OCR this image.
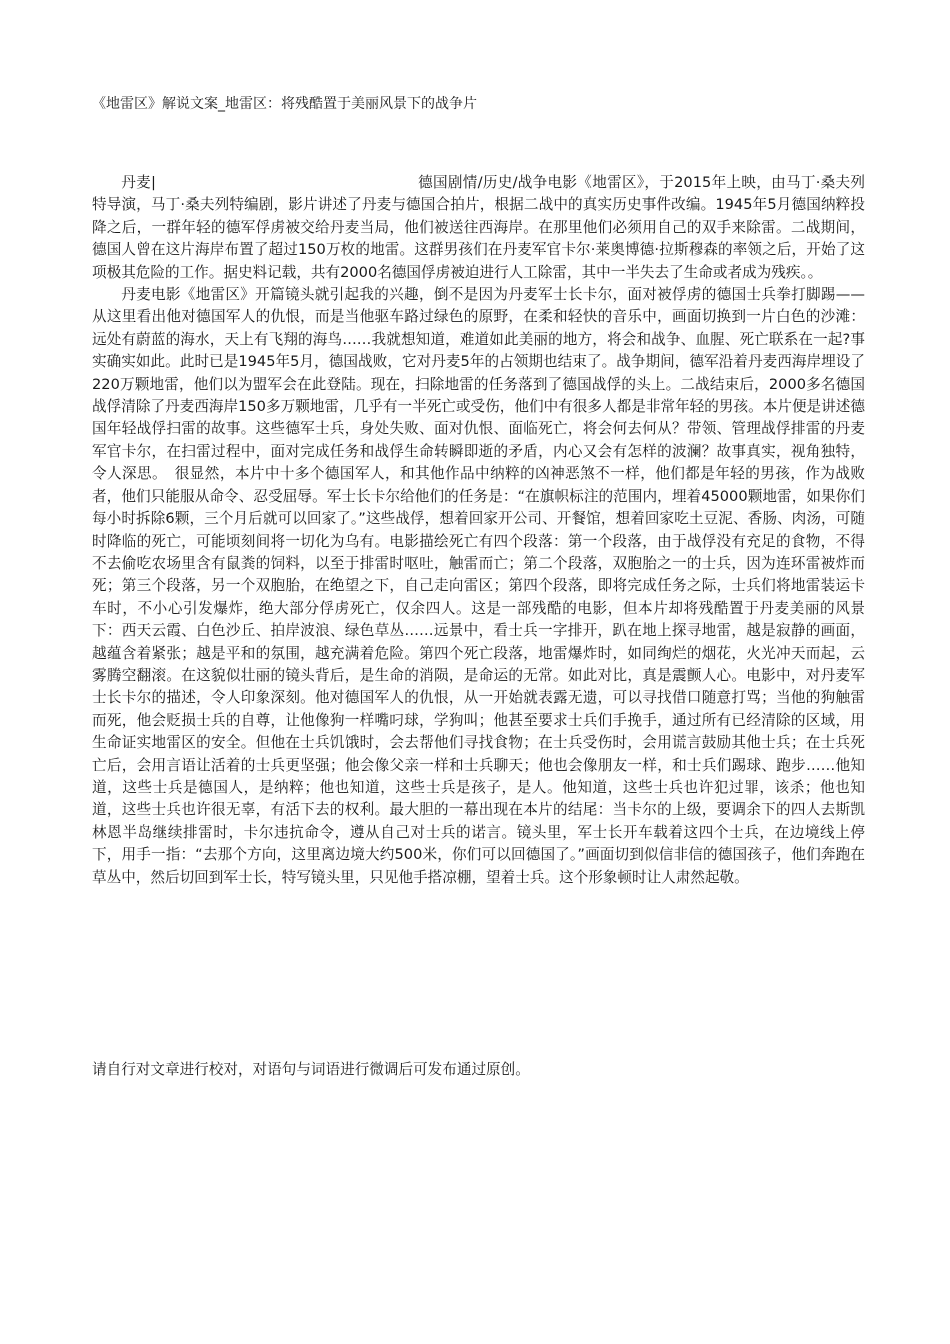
《地雷区》解说文案_地雷区：将残酷置于美丽风景下的战争片

丹麦|	德国剧情/历史/战争电影《地雷区》，于2015年上映，由马丁·桑夫列特导演，马丁·桑夫列特编剧，影片讲述了丹麦与德国合拍片，根据二战中的真实历史事件改编。1945年5月德国纳粹投降之后，一群年轻的德军俘虏被交给丹麦当局，他们被送往西海岸。在那里他们必须用自己的双手来除雷。二战期间，德国人曾在这片海岸布置了超过150万枚的地雷。这群男孩们在丹麦军官卡尔·莱奥博德·拉斯穆森的率领之后，开始了这项极其危险的工作。据史料记载，共有2000名德国俘虏被迫进行人工除雷，其中一半失去了生命或者成为残疾。。

丹麦电影《地雷区》开篇镜头就引起我的兴趣，倒不是因为丹麦军士长卡尔，面对被俘虏的德国士兵拳打脚踢——从这里看出他对德国军人的仇恨，而是当他驱车路过绿色的原野，在柔和轻快的音乐中，画面切换到一片白色的沙滩：远处有蔚蓝的海水，天上有飞翔的海鸟……我就想知道，难道如此美丽的地方，将会和战争、血腥、死亡联系在一起?事实确实如此。此时已是1945年5月，德国战败，它对丹麦5年的占领期也结束了。战争期间，德军沿着丹麦西海岸埋设了220万颗地雷，他们以为盟军会在此登陆。现在，扫除地雷的任务落到了德国战俘的头上。二战结束后，2000多名德国战俘清除了丹麦西海岸150多万颗地雷，几乎有一半死亡或受伤，他们中有很多人都是非常年轻的男孩。本片便是讲述德国年轻战俘扫雷的故事。这些德军士兵，身处失败、面对仇恨、面临死亡，将会何去何从？带领、管理战俘排雷的丹麦军官卡尔，在扫雷过程中，面对完成任务和战俘生命转瞬即逝的矛盾，内心又会有怎样的波澜？故事真实，视角独特，令人深思。　很显然，本片中十多个德国军人，和其他作品中纳粹的凶神恶煞不一样，他们都是年轻的男孩，作为战败者，他们只能服从命令、忍受屈辱。军士长卡尔给他们的任务是：“在旗帜标注的范围内，埋着45000颗地雷，如果你们每小时拆除6颗，三个月后就可以回家了。”这些战俘，想着回家开公司、开餐馆，想着回家吃土豆泥、香肠、肉汤，可随时降临的死亡，可能顷刻间将一切化为乌有。电影描绘死亡有四个段落：第一个段落，由于战俘没有充足的食物，不得不去偷吃农场里含有鼠粪的饲料，以至于排雷时呕吐，触雷而亡；第二个段落，双胞胎之一的士兵，因为连环雷被炸而死；第三个段落，另一个双胞胎，在绝望之下，自己走向雷区；第四个段落，即将完成任务之际，士兵们将地雷装运卡车时，不小心引发爆炸，绝大部分俘虏死亡，仅余四人。这是一部残酷的电影，但本片却将残酷置于丹麦美丽的风景下：西天云霞、白色沙丘、拍岸波浪、绿色草丛……远景中，看士兵一字排开，趴在地上探寻地雷，越是寂静的画面，越蕴含着紧张；越是平和的氛围，越充满着危险。第四个死亡段落，地雷爆炸时，如同绚烂的烟花，火光冲天而起，云雾腾空翻滚。在这貌似壮丽的镜头背后，是生命的消陨，是命运的无常。如此对比，真是震颤人心。电影中，对丹麦军士长卡尔的描述，令人印象深刻。他对德国军人的仇恨，从一开始就表露无遗，可以寻找借口随意打骂；当他的狗触雷而死，他会贬损士兵的自尊，让他像狗一样嘴叼球，学狗叫；他甚至要求士兵们手挽手，通过所有已经清除的区域，用生命证实地雷区的安全。但他在士兵饥饿时，会去帮他们寻找食物；在士兵受伤时，会用谎言鼓励其他士兵；在士兵死亡后，会用言语让活着的士兵更坚强；他会像父亲一样和士兵聊天；他也会像朋友一样，和士兵们踢球、跑步……他知道，这些士兵是德国人，是纳粹；他也知道，这些士兵是孩子，是人。他知道，这些士兵也许犯过罪，该杀；他也知道，这些士兵也许很无辜，有活下去的权利。最大胆的一幕出现在本片的结尾：当卡尔的上级，要调余下的四人去斯凯林恩半岛继续排雷时，卡尔违抗命令，遵从自己对士兵的诺言。镜头里，军士长开车载着这四个士兵，在边境线上停下，用手一指：“去那个方向，这里离边境大约500米，你们可以回德国了。”画面切到似信非信的德国孩子，他们奔跑在草丛中，然后切回到军士长，特写镜头里，只见他手搭凉棚，望着士兵。这个形象顿时让人肃然起敬。

请自行对文章进行校对，对语句与词语进行微调后可发布通过原创。
